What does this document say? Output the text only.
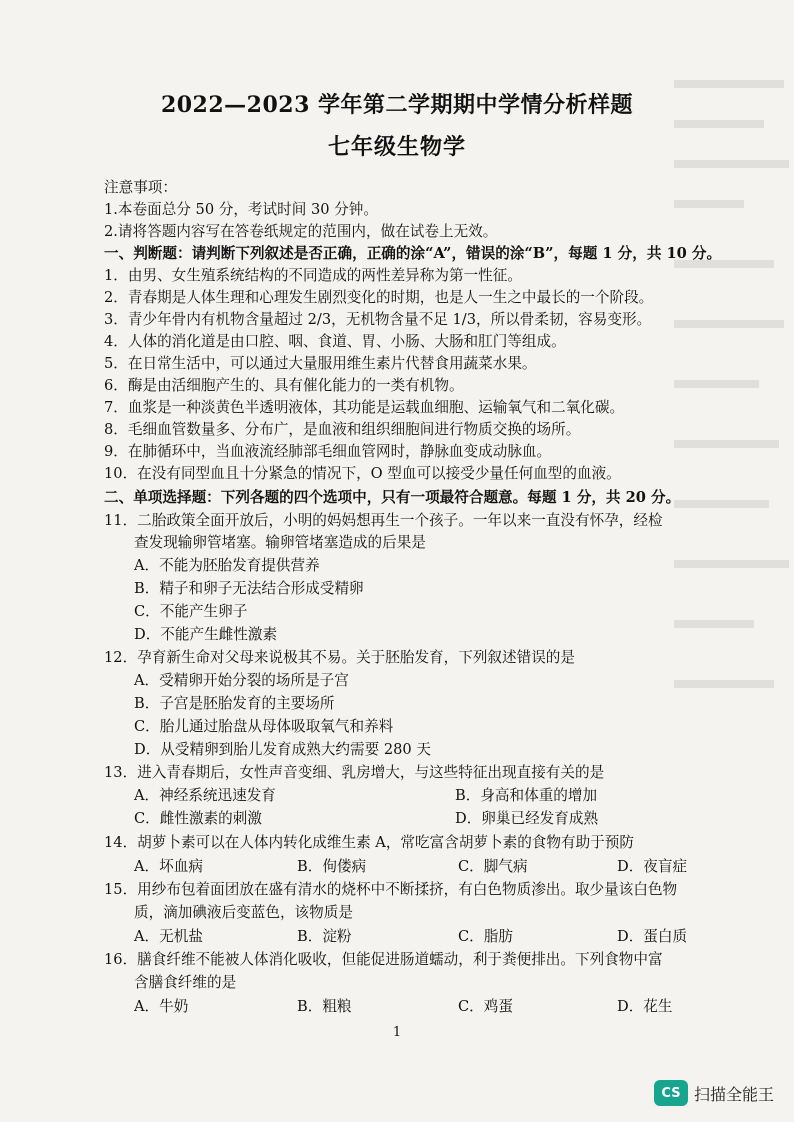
2022—2023 学年第二学期期中学情分析样题
七年级生物学
注意事项：
1.本卷面总分 50 分，考试时间 30 分钟。
2.请将答题内容写在答卷纸规定的范围内，做在试卷上无效。
一、判断题：请判断下列叙述是否正确，正确的涂“A”，错误的涂“B”，每题 1 分，共 10 分。
1．由男、女生殖系统结构的不同造成的两性差异称为第一性征。
2．青春期是人体生理和心理发生剧烈变化的时期，也是人一生之中最长的一个阶段。
3．青少年骨内有机物含量超过 2/3，无机物含量不足 1/3，所以骨柔韧，容易变形。
4．人体的消化道是由口腔、咽、食道、胃、小肠、大肠和肛门等组成。
5．在日常生活中，可以通过大量服用维生素片代替食用蔬菜水果。
6．酶是由活细胞产生的、具有催化能力的一类有机物。
7．血浆是一种淡黄色半透明液体，其功能是运载血细胞、运输氧气和二氧化碳。
8．毛细血管数量多、分布广，是血液和组织细胞间进行物质交换的场所。
9．在肺循环中，当血液流经肺部毛细血管网时，静脉血变成动脉血。
10．在没有同型血且十分紧急的情况下，O 型血可以接受少量任何血型的血液。
二、单项选择题：下列各题的四个选项中，只有一项最符合题意。每题 1 分，共 20 分。
11．二胎政策全面开放后，小明的妈妈想再生一个孩子。一年以来一直没有怀孕，经检
查发现输卵管堵塞。输卵管堵塞造成的后果是
A．不能为胚胎发育提供营养
B．精子和卵子无法结合形成受精卵
C．不能产生卵子
D．不能产生雌性激素
12．孕育新生命对父母来说极其不易。关于胚胎发育，下列叙述错误的是
A．受精卵开始分裂的场所是子宫
B．子宫是胚胎发育的主要场所
C．胎儿通过胎盘从母体吸取氧气和养料
D．从受精卵到胎儿发育成熟大约需要 280 天
13．进入青春期后，女性声音变细、乳房增大，与这些特征出现直接有关的是
A．神经系统迅速发育	B．身高和体重的增加
C．雌性激素的刺激	D．卵巢已经发育成熟
14．胡萝卜素可以在人体内转化成维生素 A，常吃富含胡萝卜素的食物有助于预防
A．坏血病	B．佝偻病	C．脚气病	D．夜盲症
15．用纱布包着面团放在盛有清水的烧杯中不断揉挤，有白色物质渗出。取少量该白色物
质，滴加碘液后变蓝色，该物质是
A．无机盐	B．淀粉	C．脂肪	D．蛋白质
16．膳食纤维不能被人体消化吸收，但能促进肠道蠕动，利于粪便排出。下列食物中富
含膳食纤维的是
A．牛奶	B．粗粮	C．鸡蛋	D．花生
1
CS 扫描全能王
